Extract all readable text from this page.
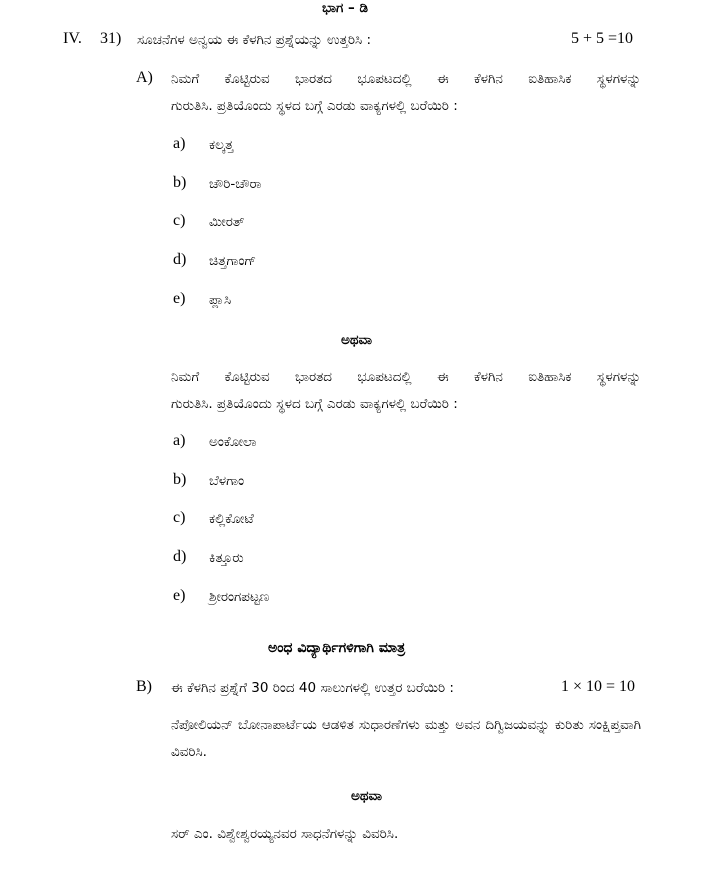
ಭಾಗ – ಡಿ
IV. 31) ಸೂಚನೆಗಳ ಅನ್ವಯ ಈ ಕೆಳಗಿನ ಪ್ರಶ್ನೆಯನ್ನು ಉತ್ತರಿಸಿ :	5 + 5 =10
A) ನಿಮಗೆ ಕೊಟ್ಟಿರುವ ಭಾರತದ ಭೂಪಟದಲ್ಲಿ ಈ ಕೆಳಗಿನ ಐತಿಹಾಸಿಕ ಸ್ಥಳಗಳನ್ನು
ಗುರುತಿಸಿ. ಪ್ರತಿಯೊಂದು ಸ್ಥಳದ ಬಗ್ಗೆ ಎರಡು ವಾಕ್ಯಗಳಲ್ಲಿ ಬರೆಯಿರಿ :
a) ಕಲ್ಕತ್ತ
b) ಚೌರಿ-ಚೌರಾ
c) ಮೀರತ್
d) ಚಿತ್ತಗಾಂಗ್
e) ಪ್ಲಾಸಿ
ಅಥವಾ
ನಿಮಗೆ ಕೊಟ್ಟಿರುವ ಭಾರತದ ಭೂಪಟದಲ್ಲಿ ಈ ಕೆಳಗಿನ ಐತಿಹಾಸಿಕ ಸ್ಥಳಗಳನ್ನು
ಗುರುತಿಸಿ. ಪ್ರತಿಯೊಂದು ಸ್ಥಳದ ಬಗ್ಗೆ ಎರಡು ವಾಕ್ಯಗಳಲ್ಲಿ ಬರೆಯಿರಿ :
a) ಅಂಕೋಲಾ
b) ಬೆಳಗಾಂ
c) ಕಲ್ಲಿಕೋಟೆ
d) ಕಿತ್ತೂರು
e) ಶ್ರೀರಂಗಪಟ್ಟಣ
ಅಂಧ ವಿದ್ಯಾರ್ಥಿಗಳಿಗಾಗಿ ಮಾತ್ರ
B) ಈ ಕೆಳಗಿನ ಪ್ರಶ್ನೆಗೆ 30 ರಿಂದ 40 ಸಾಲುಗಳಲ್ಲಿ ಉತ್ತರ ಬರೆಯಿರಿ :	1 × 10 = 10
ನೆಪೋಲಿಯನ್ ಬೋನಾಪಾರ್ಟೆಯ ಆಡಳಿತ ಸುಧಾರಣೆಗಳು ಮತ್ತು ಅವನ ದಿಗ್ವಿಜಯವನ್ನು ಕುರಿತು ಸಂಕ್ಷಿಪ್ತವಾಗಿ ವಿವರಿಸಿ.
ಅಥವಾ
ಸರ್ ಎಂ. ವಿಶ್ವೇಶ್ವರಯ್ಯನವರ ಸಾಧನೆಗಳನ್ನು ವಿವರಿಸಿ.
